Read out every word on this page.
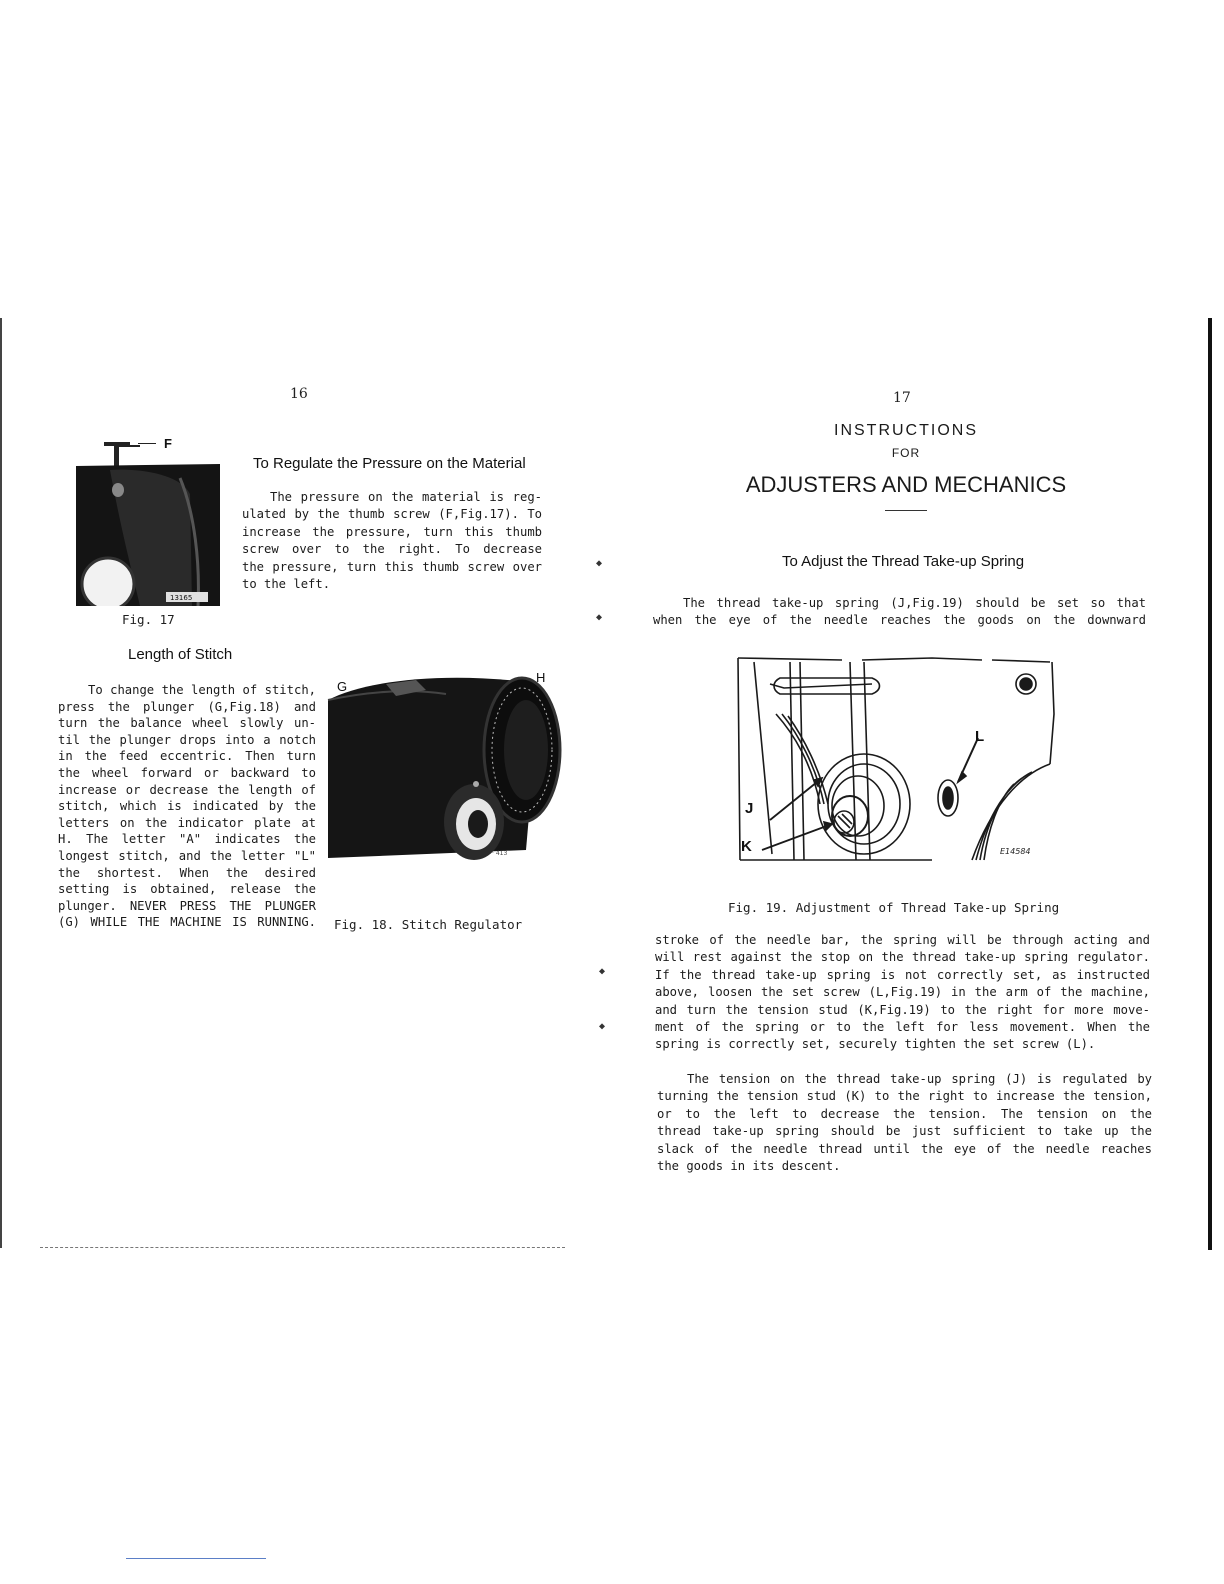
◆
◆
◆
◆
16
13165
F
Fig. 17
To Regulate the Pressure on the Material
The pressure on the material is reg-
ulated by the thumb screw (F,Fig.17). To
increase the pressure, turn this thumb
screw over to the right. To decrease
the pressure, turn this thumb screw over
to the left.
Length of Stitch
To change the length of stitch,
press the plunger (G,Fig.18) and
turn the balance wheel slowly un-
til the plunger drops into a notch
in the feed eccentric. Then turn
the wheel forward or backward to
increase or decrease the length of
stitch, which is indicated by the
letters on the indicator plate at
H. The letter "A" indicates the
longest stitch, and the letter "L"
the shortest. When the desired
setting is obtained, release the
plunger. NEVER PRESS THE PLUNGER
(G) WHILE THE MACHINE IS RUNNING.
· 413
G
H
Fig. 18. Stitch Regulator
17
INSTRUCTIONS
FOR
ADJUSTERS AND MECHANICS
To Adjust the Thread Take-up Spring
The thread take-up spring (J,Fig.19) should be set so that
when the eye of the needle reaches the goods on the downward
E14584
L
J
K
Fig. 19. Adjustment of Thread Take-up Spring
stroke of the needle bar, the spring will be through acting and
will rest against the stop on the thread take-up spring regulator.
If the thread take-up spring is not correctly set, as instructed
above, loosen the set screw (L,Fig.19) in the arm of the machine,
and turn the tension stud (K,Fig.19) to the right for more move-
ment of the spring or to the left for less movement. When the
spring is correctly set, securely tighten the set screw (L).
The tension on the thread take-up spring (J) is regulated by
turning the tension stud (K) to the right to increase the tension,
or to the left to decrease the tension. The tension on the
thread take-up spring should be just sufficient to take up the
slack of the needle thread until the eye of the needle reaches
the goods in its descent.
